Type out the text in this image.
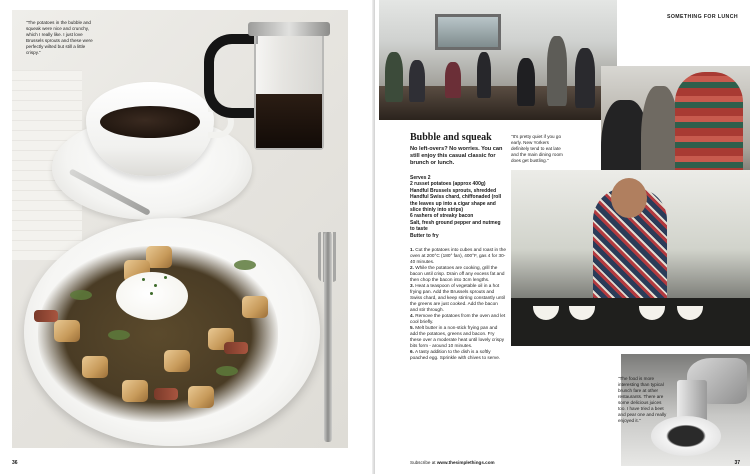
"The potatoes in the bubble and squeak were nice and crunchy, which I really like. I just love Brussels sprouts and these were perfectly wilted but still a little crispy."

36
SOMETHING FOR LUNCH
37
Bubble and squeak

No left-overs? No worries. You can still enjoy this casual classic for brunch or lunch.

Serves 2

2 russet potatoes (approx 400g)

Handful Brussels sprouts, shredded

Handful Swiss chard, chiffonaded (roll the leaves up into a cigar shape and slice thinly into strips)

6 rashers of streaky bacon

Salt, fresh ground pepper and nutmeg to taste

Butter to fry

1. Cut the potatoes into cubes and roast in the oven at 200°C (180° fan), 400°F, gas 4 for 30-40 minutes.

2. While the potatoes are cooking, grill the bacon until crisp. Drain off any excess fat and then chop the bacon into 3cm lengths.

3. Heat a teaspoon of vegetable oil in a hot frying pan. Add the Brussels sprouts and Swiss chard, and keep stirring constantly until the greens are just cooked. Add the bacon and stir through.

4. Remove the potatoes from the oven and let cool briefly.

5. Melt butter in a non-stick frying pan and add the potatoes, greens and bacon. Fry these over a moderate heat until lovely crispy bits form - around 10 minutes.

6. A tasty addition to the dish is a softly poached egg. Sprinkle with chives to serve.

"It's pretty quiet if you go early. New Yorkers definitely tend to eat late and the main dining room does get bustling."

"The food is more interesting than typical brunch fare at other restaurants. There are some delicious juices too. I have tried a beet and pear one and really enjoyed it."

Subscribe at www.thesimplethings.com
